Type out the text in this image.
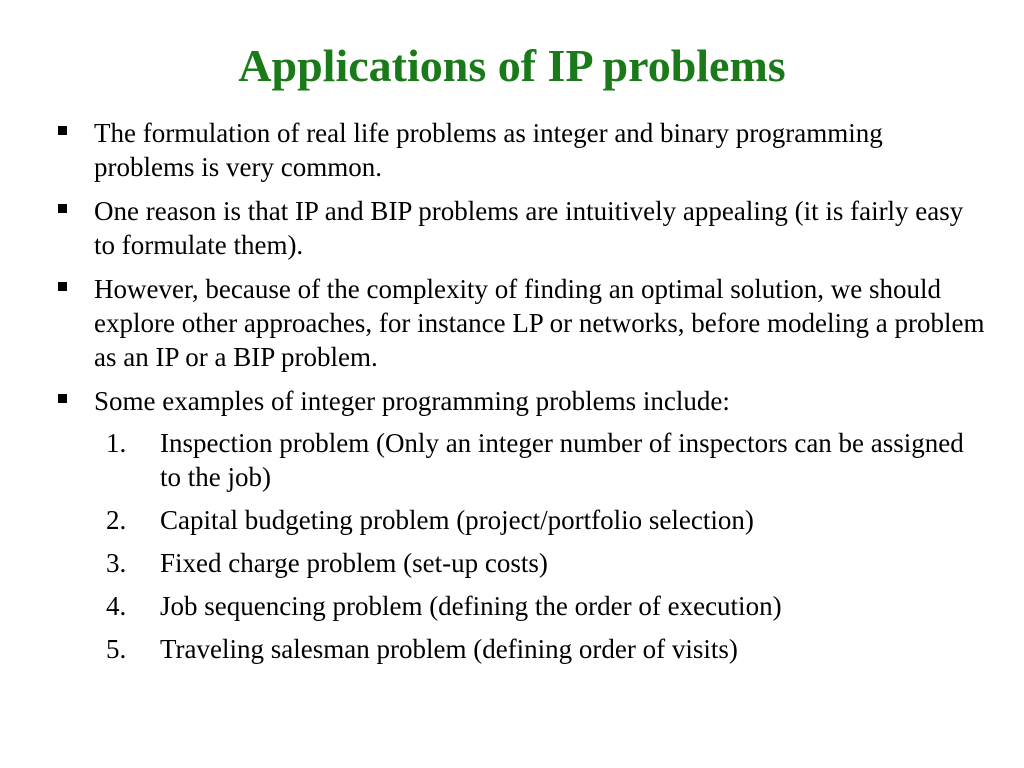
Applications of IP problems
The formulation of real life problems as integer and binary programming problems is very common.
One reason is that IP and BIP problems are intuitively appealing (it is fairly easy to formulate them).
However, because of the complexity of finding an optimal solution, we should explore other approaches, for instance LP or networks, before modeling a problem as an IP or a BIP problem.
Some examples of integer programming problems include:
1. Inspection problem (Only an integer number of inspectors can be assigned to the job)
2. Capital budgeting problem (project/portfolio selection)
3. Fixed charge problem (set-up costs)
4. Job sequencing problem (defining the order of execution)
5. Traveling salesman problem (defining order of visits)
